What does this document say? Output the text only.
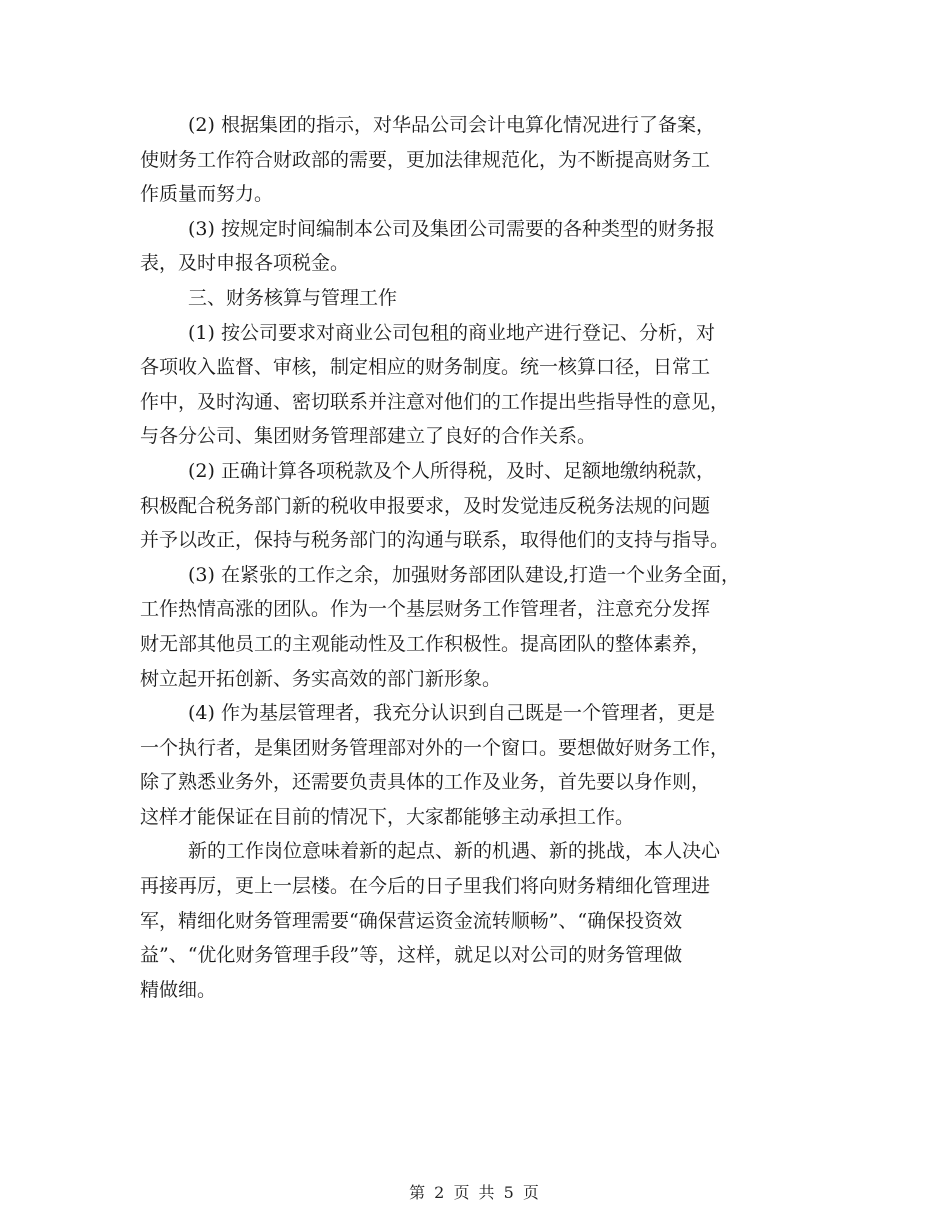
(2) 根据集团的指示，对华品公司会计电算化情况进行了备案，
使财务工作符合财政部的需要，更加法律规范化，为不断提高财务工
作质量而努力。

(3) 按规定时间编制本公司及集团公司需要的各种类型的财务报
表，及时申报各项税金。

三、财务核算与管理工作

(1) 按公司要求对商业公司包租的商业地产进行登记、分析，对
各项收入监督、审核，制定相应的财务制度。统一核算口径，日常工
作中，及时沟通、密切联系并注意对他们的工作提出些指导性的意见，
与各分公司、集团财务管理部建立了良好的合作关系。

(2) 正确计算各项税款及个人所得税，及时、足额地缴纳税款，
积极配合税务部门新的税收申报要求，及时发觉违反税务法规的问题
并予以改正，保持与税务部门的沟通与联系，取得他们的支持与指导。

(3) 在紧张的工作之余，加强财务部团队建设,打造一个业务全面，
工作热情高涨的团队。作为一个基层财务工作管理者，注意充分发挥
财无部其他员工的主观能动性及工作积极性。提高团队的整体素养，
树立起开拓创新、务实高效的部门新形象。

(4) 作为基层管理者，我充分认识到自己既是一个管理者，更是
一个执行者，是集团财务管理部对外的一个窗口。要想做好财务工作，
除了熟悉业务外，还需要负责具体的工作及业务，首先要以身作则，
这样才能保证在目前的情况下，大家都能够主动承担工作。

新的工作岗位意味着新的起点、新的机遇、新的挑战，本人决心
再接再厉，更上一层楼。在今后的日子里我们将向财务精细化管理进
军，精细化财务管理需要“确保营运资金流转顺畅”、“确保投资效
益”、“优化财务管理手段”等，这样，就足以对公司的财务管理做
精做细。

第 2 页 共 5 页
